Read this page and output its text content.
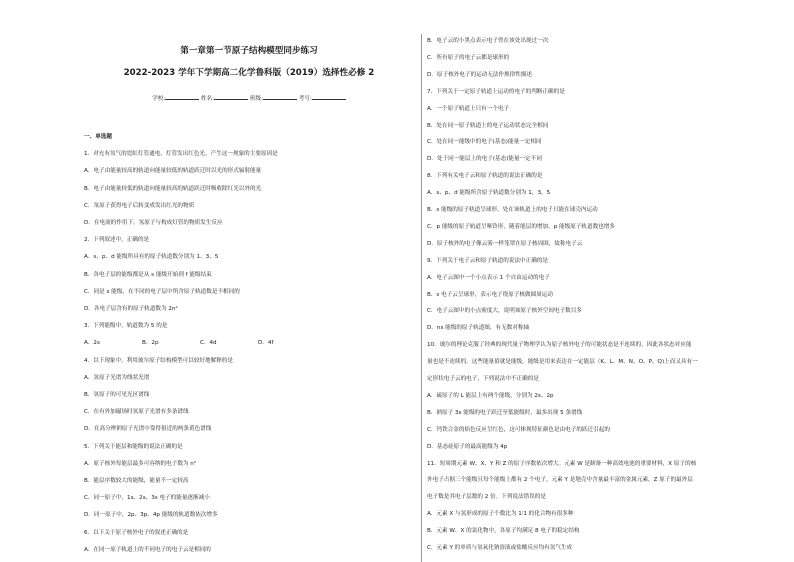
第一章第一节原子结构模型同步练习
2022-2023 学年下学期高二化学鲁科版（2019）选择性必修 2
学校:	姓名:	班级:	考号:
一、单选题
1．对充有氖气的霓虹灯管通电，灯管发出红色光。产生这一现象的主要原因是
A．电子由能量较高的轨道向能量较低的轨道跃迁时以光的形式辐射能量
B．电子由能量较低的轨道向能量较高的轨道跃迁时吸收除红光以外的光
C．氖原子获得电子后转变成发出红光的物质
D．在电流的作用下，氖原子与构成灯管的物质发生反应
2．下列叙述中，正确的是
A．s、p、d 能级所具有的原子轨道数分别为 1、3、5
B．各电子层的能级都是从 s 能级开始到 f 能级结束
C．同是 s 能级，在不同的电子层中所含原子轨道数是不相同的
D．各电子层含有的原子轨道数为 2n²
3．下列能级中，轨道数为 5 的是
A．2s	B．2p	C．4d	D．4f
4．以下现象中，利用玻尔原子结构模型可以较好地解释的是
A．氢原子光谱为线状光谱
B．氢原子的可见光区谱线
C．在有外加磁场时氢原子光谱有多条谱线
D．在高分辨钠原子光谱中靠得很近的两条黄色谱线
5．下列关于能层和能级的说法正确的是
A．原子核外每能层最多可容纳的电子数为 n²
B．能层序数较大的能级，能量不一定较高
C．同一原子中，1s、2s、3s 电子的能量逐渐减小
D．同一原子中，2p、3p、4p 能级的轨道数依次增多
6．以下关于原子核外电子的叙述正确的是
A．在同一原子轨道上的不同电子的电子云是相同的
B．电子云的小黑点表示电子曾在该处出现过一次
C．所有原子的电子云都是球形的
D．原子核外电子的运动无法作规律性描述
7．下列关于一定原子轨道上运动的电子的判断正确的是
A．一个原子轨道上只有一个电子
B．处在同一原子轨道上的电子运动状态完全相同
C．处在同一能级中的电子(基态)能量一定相同
D．处于同一能层上的电子(基态)能量一定不同
8．下列有关电子云和原子轨道的说法正确的是
A．s、p、d 能级所含原子轨道数分别为 1，3，5
B．s 能级的原子轨道呈球形，处在该轨道上的电子只能在球壳内运动
C．p 能级的原子轨道呈哑铃形，随着能层的增加，p 能级原子轨道数也增多
D．原子核外的电子像云雾一样笼罩在原子核周围，故称电子云
9．下列关于电子云和原子轨道的说法中正确的是
A．电子云图中一个小点表示 1 个自由运动的电子
B．s 电子云呈球形，表示电子绕原子核做圆周运动
C．电子云图中的小点密度大，说明该原子核外空间电子数目多
D．ns 能级的原子轨道图，有无数对称轴
10．玻尔的理论克服了经典的现代量子物理学认为原子核外电子的可能状态是不连续的，因此各状态对应能
量也是不连续的，这些能量值就是能级，能级是用来表达在一定能层（K、L、M、N、O、P、Q)上而又具有一
定形状电子云的电子，下列说法中不正确的是
A．硫原子的 L 能层上有两个能级，分别为 2s、2p
B．钠原子 3s 能级的电子跃迁至低能级时，最多出现 5 条谱线
C．钙铁合金的焰色反应呈红色，这可体现特征颜色是由电子的跃迁引起的
D．基态硅原子的最高能级为 4p
11．短周期元素 W、X、Y 和 Z 的原子序数依次增大。元素 W 是制备一种高效电池的重要材料，X 原子的核
外电子占据三个能级且每个能级上都有 2 个电子，元素 Y 是地壳中含量最丰富的金属元素，Z 原子的最外层
电子数是其电子层数的 2 倍。下列说法错误的是
A．元素 X 与氢形成的原子个数比为 1∶1 的化合物有很多种
B．元素 W、X 的氯化物中，各原子均满足 8 电子的稳定结构
C．元素 Y 的单质与氢氧化钠溶液或盐酸反应均有氢气生成
